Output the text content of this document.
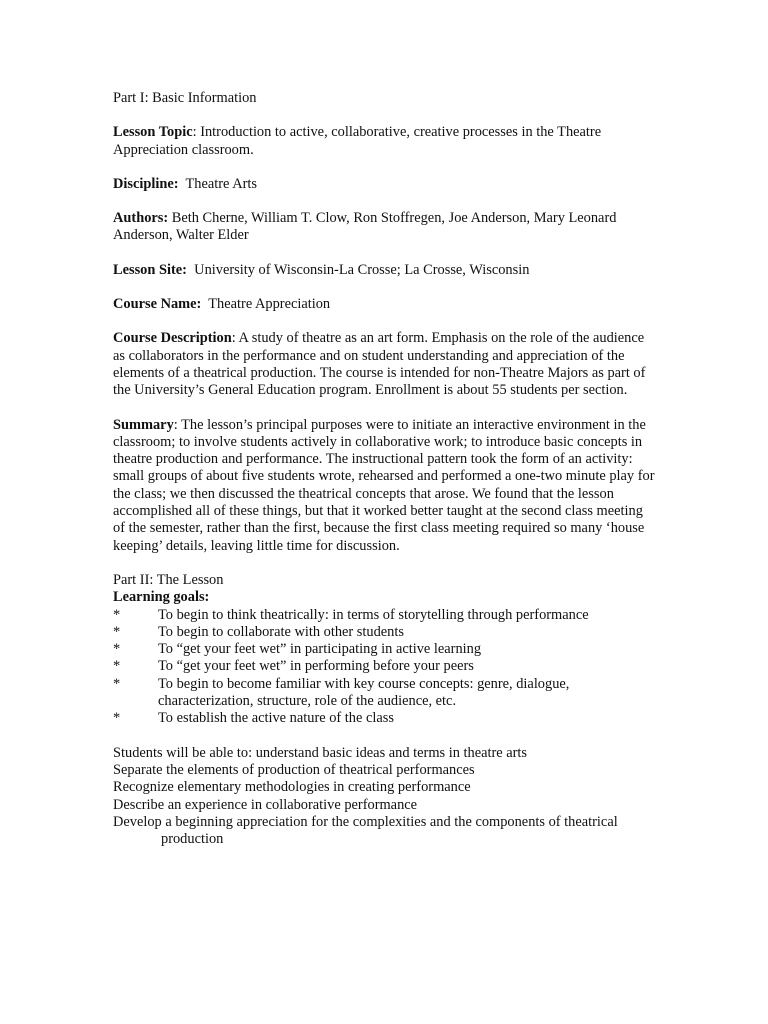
Part I: Basic Information

Lesson Topic: Introduction to active, collaborative, creative processes in the Theatre Appreciation classroom.

Discipline: Theatre Arts

Authors: Beth Cherne, William T. Clow, Ron Stoffregen, Joe Anderson, Mary Leonard Anderson, Walter Elder

Lesson Site: University of Wisconsin-La Crosse; La Crosse, Wisconsin

Course Name: Theatre Appreciation

Course Description: A study of theatre as an art form. Emphasis on the role of the audience as collaborators in the performance and on student understanding and appreciation of the elements of a theatrical production. The course is intended for non-Theatre Majors as part of the University’s General Education program. Enrollment is about 55 students per section.

Summary: The lesson’s principal purposes were to initiate an interactive environment in the classroom; to involve students actively in collaborative work; to introduce basic concepts in theatre production and performance. The instructional pattern took the form of an activity: small groups of about five students wrote, rehearsed and performed a one-two minute play for the class; we then discussed the theatrical concepts that arose. We found that the lesson accomplished all of these things, but that it worked better taught at the second class meeting of the semester, rather than the first, because the first class meeting required so many ‘house keeping’ details, leaving little time for discussion.

Part II: The Lesson

Learning goals:

*	To begin to think theatrically: in terms of storytelling through performance
*	To begin to collaborate with other students
*	To “get your feet wet” in participating in active learning
*	To “get your feet wet” in performing before your peers
*	To begin to become familiar with key course concepts: genre, dialogue, characterization, structure, role of the audience, etc.
*	To establish the active nature of the class

Students will be able to: understand basic ideas and terms in theatre arts

Separate the elements of production of theatrical performances

Recognize elementary methodologies in creating performance

Describe an experience in collaborative performance

Develop a beginning appreciation for the complexities and the components of theatrical

production
